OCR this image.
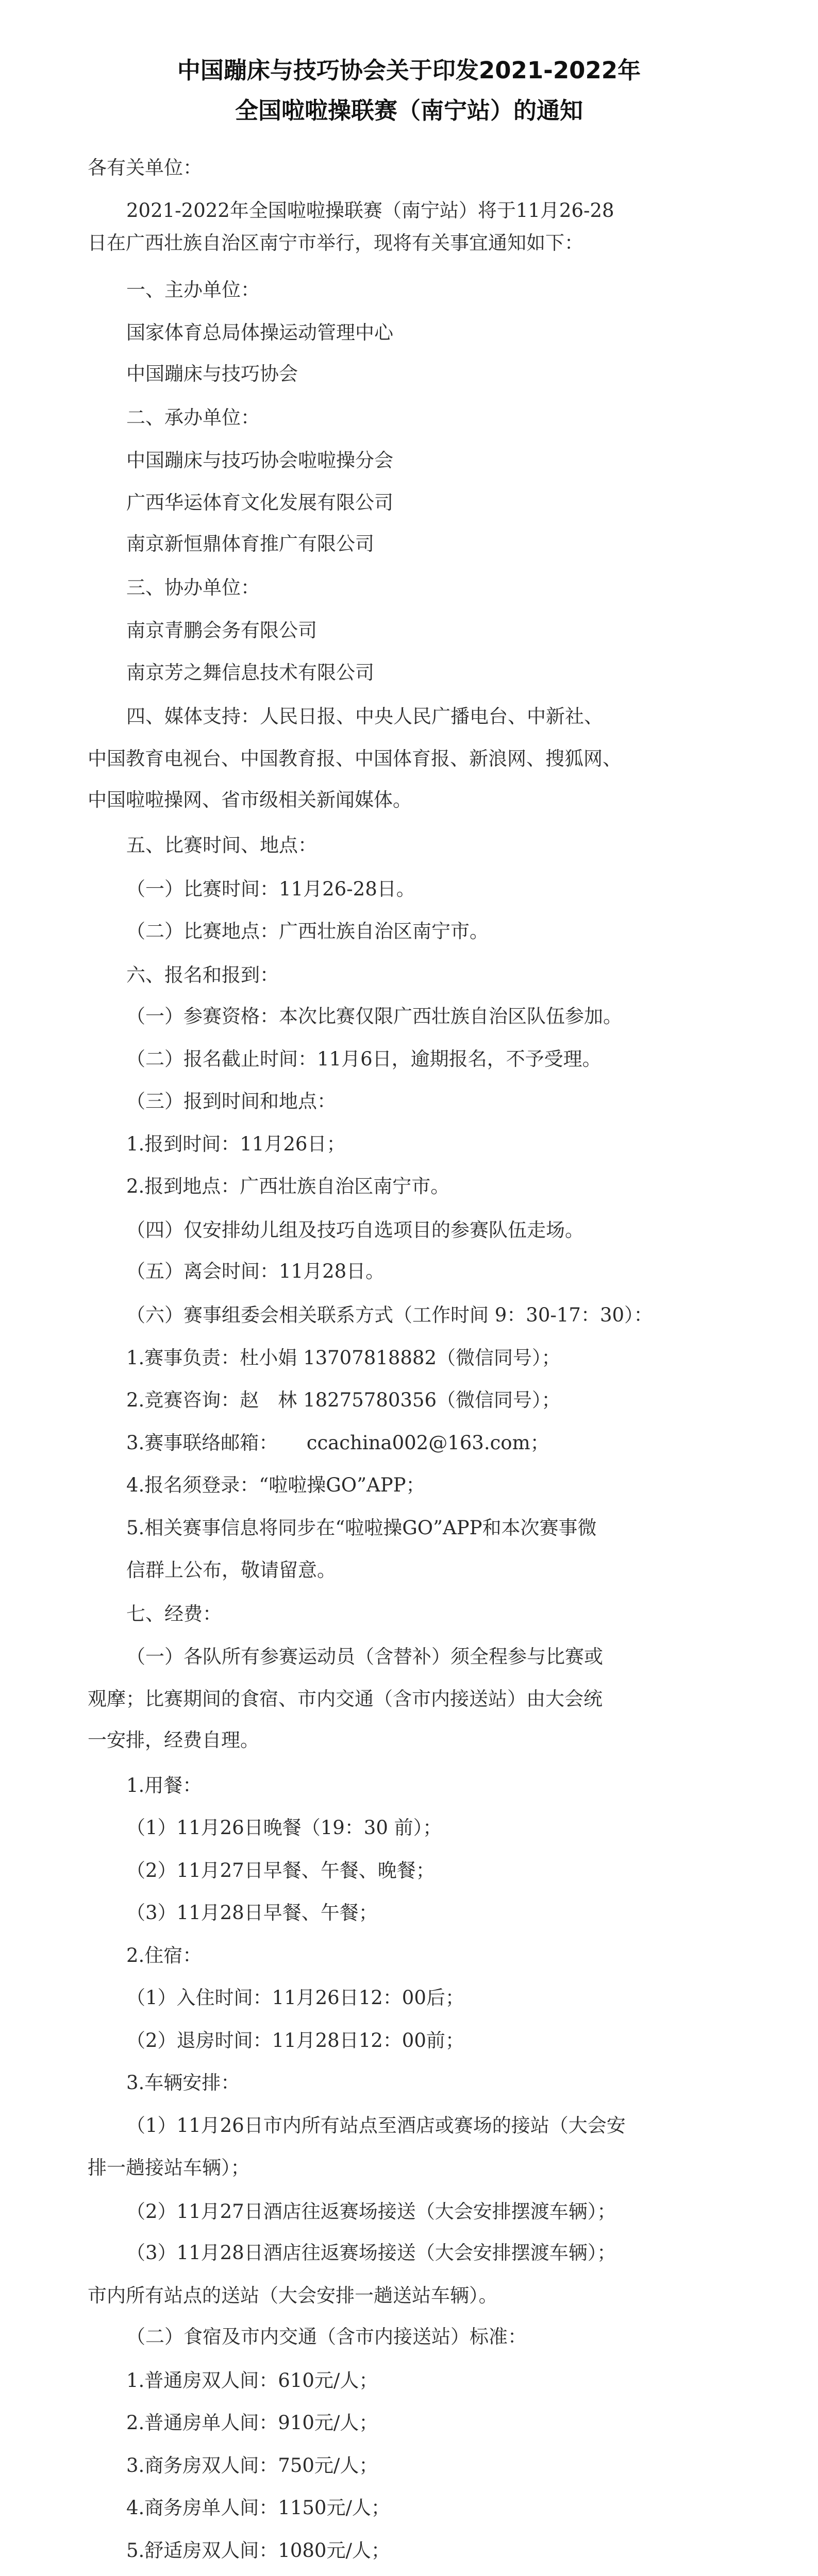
中国蹦床与技巧协会关于印发2021-2022年
全国啦啦操联赛（南宁站）的通知
各有关单位：
2021-2022年全国啦啦操联赛（南宁站）将于11月26-28
日在广西壮族自治区南宁市举行，现将有关事宜通知如下：
一、主办单位：
国家体育总局体操运动管理中心
中国蹦床与技巧协会
二、承办单位：
中国蹦床与技巧协会啦啦操分会
广西华运体育文化发展有限公司
南京新恒鼎体育推广有限公司
三、协办单位：
南京青鹏会务有限公司
南京芳之舞信息技术有限公司
四、媒体支持：人民日报、中央人民广播电台、中新社、
中国教育电视台、中国教育报、中国体育报、新浪网、搜狐网、
中国啦啦操网、省市级相关新闻媒体。
五、比赛时间、地点：
（一）比赛时间：11月26-28日。
（二）比赛地点：广西壮族自治区南宁市。
六、报名和报到：
（一）参赛资格：本次比赛仅限广西壮族自治区队伍参加。
（二）报名截止时间：11月6日，逾期报名，不予受理。
（三）报到时间和地点：
1.报到时间：11月26日；
2.报到地点：广西壮族自治区南宁市。
（四）仅安排幼儿组及技巧自选项目的参赛队伍走场。
（五）离会时间：11月28日。
（六）赛事组委会相关联系方式（工作时间 9：30-17：30）：
1.赛事负责：杜小娟 13707818882（微信同号）；
2.竞赛咨询：赵　林 18275780356（微信同号）；
3.赛事联络邮箱：　　ccachina002@163.com；
4.报名须登录：“啦啦操GO”APP；
5.相关赛事信息将同步在“啦啦操GO”APP和本次赛事微
信群上公布，敬请留意。
七、经费：
（一）各队所有参赛运动员（含替补）须全程参与比赛或
观摩；比赛期间的食宿、市内交通（含市内接送站）由大会统
一安排，经费自理。
1.用餐：
（1）11月26日晚餐（19：30 前）；
（2）11月27日早餐、午餐、晚餐；
（3）11月28日早餐、午餐；
2.住宿：
（1）入住时间：11月26日12：00后；
（2）退房时间：11月28日12：00前；
3.车辆安排：
（1）11月26日市内所有站点至酒店或赛场的接站（大会安
排一趟接站车辆）；
（2）11月27日酒店往返赛场接送（大会安排摆渡车辆）；
（3）11月28日酒店往返赛场接送（大会安排摆渡车辆）；
市内所有站点的送站（大会安排一趟送站车辆）。
（二）食宿及市内交通（含市内接送站）标准：
1.普通房双人间：610元/人；
2.普通房单人间：910元/人；
3.商务房双人间：750元/人；
4.商务房单人间：1150元/人；
5.舒适房双人间：1080元/人；
